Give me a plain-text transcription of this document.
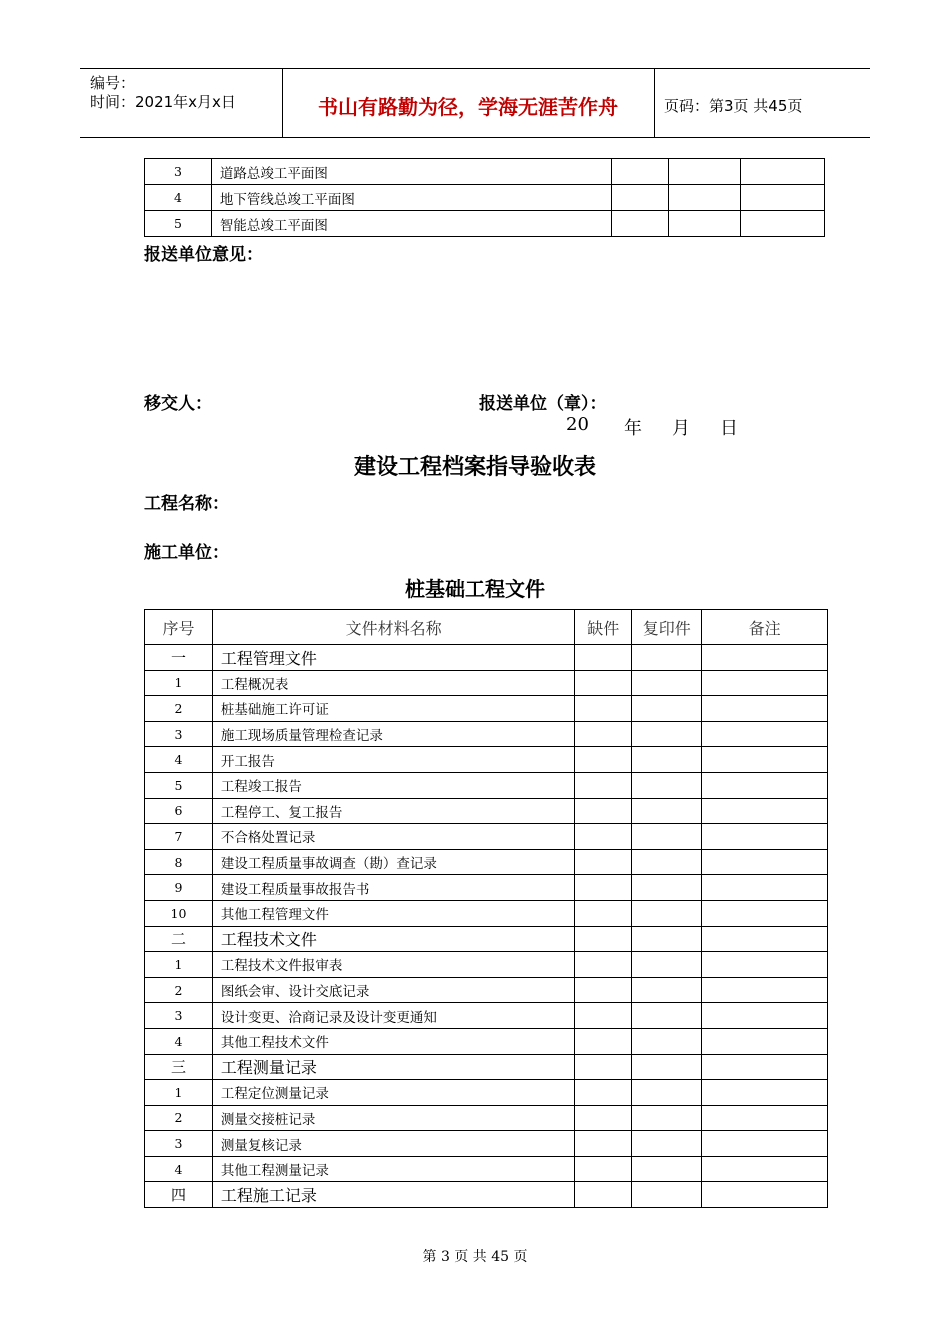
编号：
时间：2021年x月x日	书山有路勤为径，学海无涯苦作舟	页码：第3页 共45页
3	道路总竣工平面图			
4	地下管线总竣工平面图			
5	智能总竣工平面图			
报送单位意见：
移交人：	报送单位（章）：
20 年 月 日
建设工程档案指导验收表
工程名称：
施工单位：
桩基础工程文件
序号	文件材料名称	缺件	复印件	备注
一	工程管理文件			
1	工程概况表			
2	桩基础施工许可证			
3	施工现场质量管理检查记录			
4	开工报告			
5	工程竣工报告			
6	工程停工、复工报告			
7	不合格处置记录			
8	建设工程质量事故调查（勘）查记录			
9	建设工程质量事故报告书			
10	其他工程管理文件			
二	工程技术文件			
1	工程技术文件报审表			
2	图纸会审、设计交底记录			
3	设计变更、洽商记录及设计变更通知			
4	其他工程技术文件			
三	工程测量记录			
1	工程定位测量记录			
2	测量交接桩记录			
3	测量复核记录			
4	其他工程测量记录			
四	工程施工记录			
第 3 页 共 45 页
